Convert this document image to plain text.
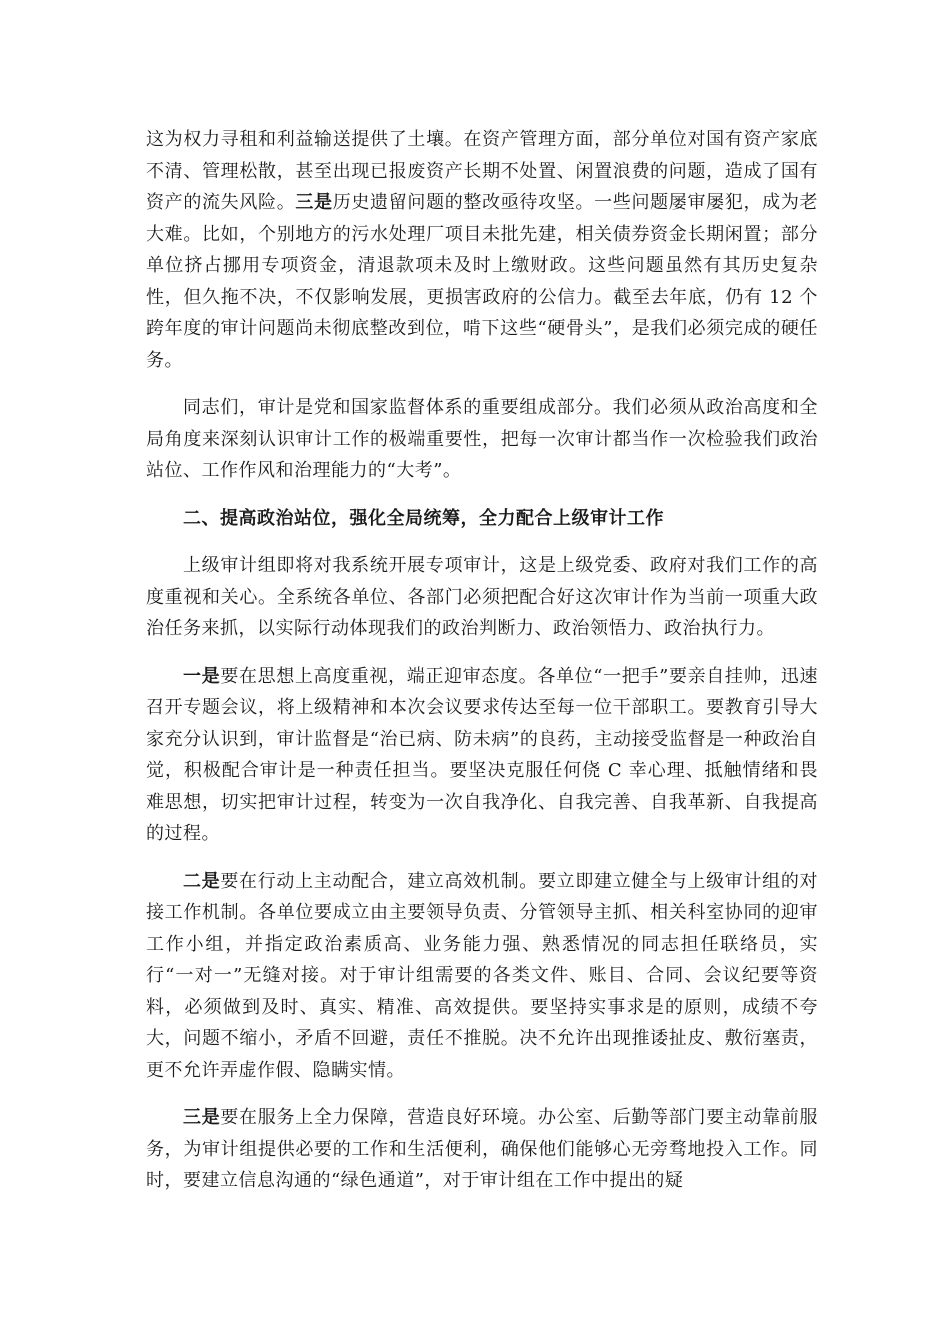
这为权力寻租和利益输送提供了土壤。在资产管理方面，部分单位对国有资产家底不清、管理松散，甚至出现已报废资产长期不处置、闲置浪费的问题，造成了国有资产的流失风险。三是历史遗留问题的整改亟待攻坚。一些问题屡审屡犯，成为老大难。比如，个别地方的污水处理厂项目未批先建，相关债券资金长期闲置；部分单位挤占挪用专项资金，清退款项未及时上缴财政。这些问题虽然有其历史复杂性，但久拖不决，不仅影响发展，更损害政府的公信力。截至去年底，仍有 12 个跨年度的审计问题尚未彻底整改到位，啃下这些“硬骨头”，是我们必须完成的硬任务。

同志们，审计是党和国家监督体系的重要组成部分。我们必须从政治高度和全局角度来深刻认识审计工作的极端重要性，把每一次审计都当作一次检验我们政治站位、工作作风和治理能力的“大考”。

二、提高政治站位，强化全局统筹，全力配合上级审计工作

上级审计组即将对我系统开展专项审计，这是上级党委、政府对我们工作的高度重视和关心。全系统各单位、各部门必须把配合好这次审计作为当前一项重大政治任务来抓，以实际行动体现我们的政治判断力、政治领悟力、政治执行力。

一是要在思想上高度重视，端正迎审态度。各单位“一把手”要亲自挂帅，迅速召开专题会议，将上级精神和本次会议要求传达至每一位干部职工。要教育引导大家充分认识到，审计监督是“治已病、防未病”的良药，主动接受监督是一种政治自觉，积极配合审计是一种责任担当。要坚决克服任何侥 C 幸心理、抵触情绪和畏难思想，切实把审计过程，转变为一次自我净化、自我完善、自我革新、自我提高的过程。

二是要在行动上主动配合，建立高效机制。要立即建立健全与上级审计组的对接工作机制。各单位要成立由主要领导负责、分管领导主抓、相关科室协同的迎审工作小组，并指定政治素质高、业务能力强、熟悉情况的同志担任联络员，实行“一对一”无缝对接。对于审计组需要的各类文件、账目、合同、会议纪要等资料，必须做到及时、真实、精准、高效提供。要坚持实事求是的原则，成绩不夸大，问题不缩小，矛盾不回避，责任不推脱。决不允许出现推诿扯皮、敷衍塞责，更不允许弄虚作假、隐瞒实情。

三是要在服务上全力保障，营造良好环境。办公室、后勤等部门要主动靠前服务，为审计组提供必要的工作和生活便利，确保他们能够心无旁骛地投入工作。同时，要建立信息沟通的“绿色通道”，对于审计组在工作中提出的疑
